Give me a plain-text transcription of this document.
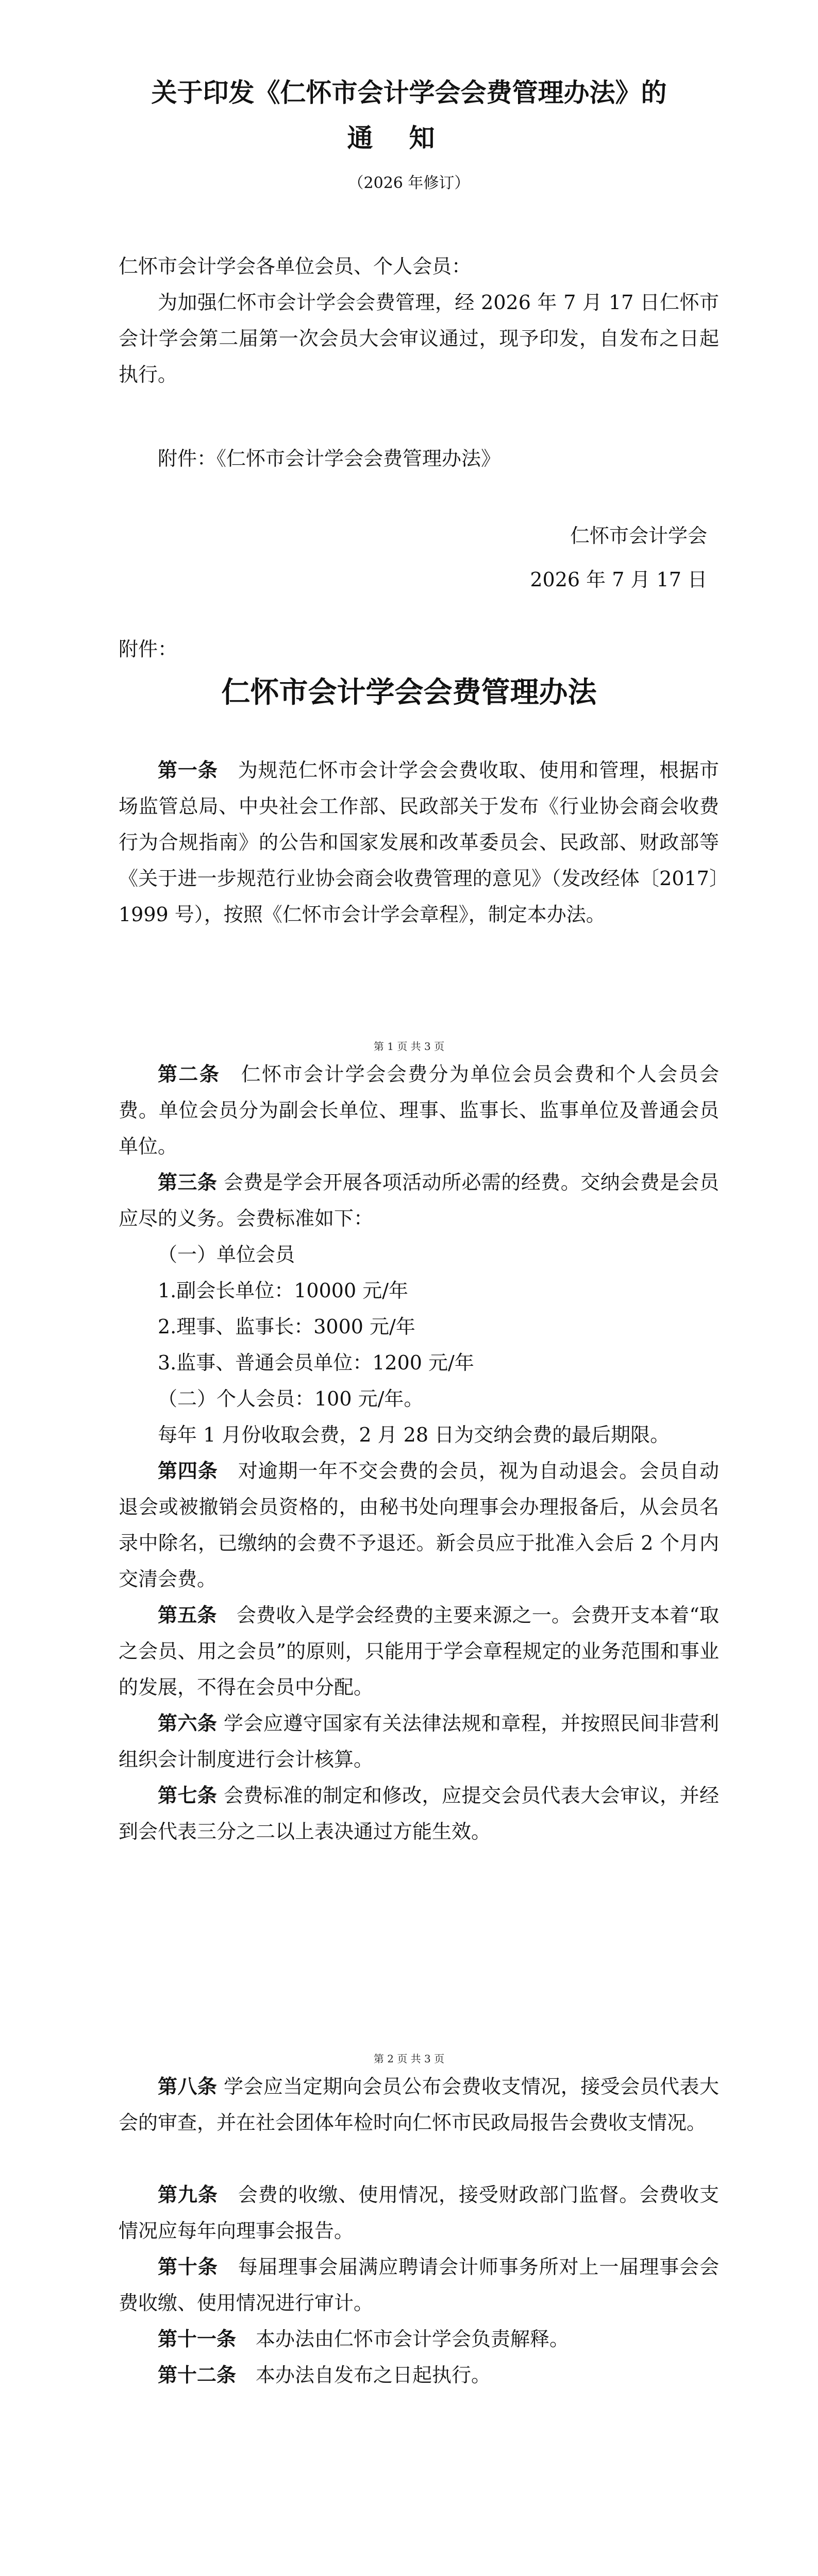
关于印发《仁怀市会计学会会费管理办法》的
通知
（2026 年修订）
仁怀市会计学会各单位会员、个人会员：
为加强仁怀市会计学会会费管理，经 2026 年 7 月 17 日仁怀市会计学会第二届第一次会员大会审议通过，现予印发，自发布之日起执行。
附件：《仁怀市会计学会会费管理办法》
仁怀市会计学会
2026 年 7 月 17 日
附件：
仁怀市会计学会会费管理办法
第一条　 为规范仁怀市会计学会会费收取、使用和管理，根据市场监管总局、中央社会工作部、民政部关于发布《行业协会商会收费行为合规指南》的公告和国家发展和改革委员会、民政部、财政部等《关于进一步规范行业协会商会收费管理的意见》（发改经体〔2017〕1999 号），按照《仁怀市会计学会章程》，制定本办法。
第 1 页 共 3 页
第二条　 仁怀市会计学会会费分为单位会员会费和个人会员会费。单位会员分为副会长单位、理事、监事长、监事单位及普通会员单位。
第三条 会费是学会开展各项活动所必需的经费。交纳会费是会员应尽的义务。会费标准如下：
（一）单位会员
1.副会长单位：10000 元/年
2.理事、监事长：3000 元/年
3.监事、普通会员单位：1200 元/年
（二）个人会员：100 元/年。
每年 1 月份收取会费，2 月 28 日为交纳会费的最后期限。
第四条　 对逾期一年不交会费的会员，视为自动退会。会员自动退会或被撤销会员资格的，由秘书处向理事会办理报备后，从会员名录中除名，已缴纳的会费不予退还。新会员应于批准入会后 2 个月内交清会费。
第五条　 会费收入是学会经费的主要来源之一。会费开支本着“取之会员、用之会员”的原则，只能用于学会章程规定的业务范围和事业的发展，不得在会员中分配。
第六条 学会应遵守国家有关法律法规和章程，并按照民间非营利组织会计制度进行会计核算。
第七条 会费标准的制定和修改，应提交会员代表大会审议，并经到会代表三分之二以上表决通过方能生效。
第 2 页 共 3 页
第八条 学会应当定期向会员公布会费收支情况，接受会员代表大会的审查，并在社会团体年检时向仁怀市民政局报告会费收支情况。
第九条　 会费的收缴、使用情况，接受财政部门监督。会费收支情况应每年向理事会报告。
第十条　 每届理事会届满应聘请会计师事务所对上一届理事会会费收缴、使用情况进行审计。
第十一条　 本办法由仁怀市会计学会负责解释。
第十二条　 本办法自发布之日起执行。
